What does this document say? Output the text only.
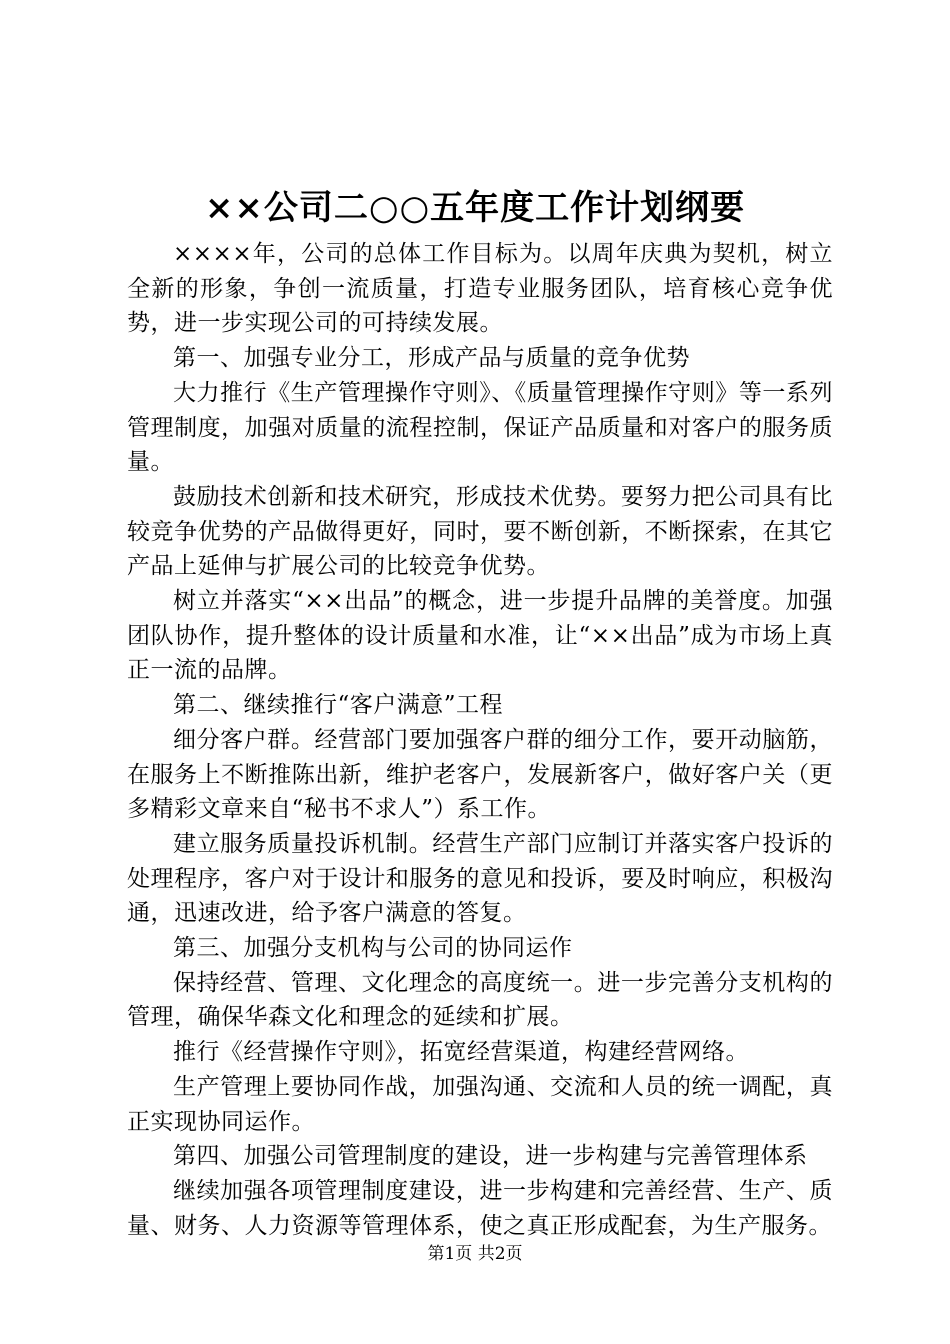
××公司二○○五年度工作计划纲要

××××年，公司的总体工作目标为。以周年庆典为契机，树立全新的形象，争创一流质量，打造专业服务团队，培育核心竞争优势，进一步实现公司的可持续发展。

第一、加强专业分工，形成产品与质量的竞争优势

大力推行《生产管理操作守则》、《质量管理操作守则》等一系列管理制度，加强对质量的流程控制，保证产品质量和对客户的服务质量。

鼓励技术创新和技术研究，形成技术优势。要努力把公司具有比较竞争优势的产品做得更好，同时，要不断创新，不断探索，在其它产品上延伸与扩展公司的比较竞争优势。

树立并落实“××出品”的概念，进一步提升品牌的美誉度。加强团队协作，提升整体的设计质量和水准，让“××出品”成为市场上真正一流的品牌。

第二、继续推行“客户满意”工程

细分客户群。经营部门要加强客户群的细分工作，要开动脑筋，在服务上不断推陈出新，维护老客户，发展新客户，做好客户关（更多精彩文章来自“秘书不求人”）系工作。

建立服务质量投诉机制。经营生产部门应制订并落实客户投诉的处理程序，客户对于设计和服务的意见和投诉，要及时响应，积极沟通，迅速改进，给予客户满意的答复。

第三、加强分支机构与公司的协同运作

保持经营、管理、文化理念的高度统一。进一步完善分支机构的管理，确保华森文化和理念的延续和扩展。

推行《经营操作守则》，拓宽经营渠道，构建经营网络。

生产管理上要协同作战，加强沟通、交流和人员的统一调配，真正实现协同运作。

第四、加强公司管理制度的建设，进一步构建与完善管理体系

继续加强各项管理制度建设，进一步构建和完善经营、生产、质量、财务、人力资源等管理体系，使之真正形成配套，为生产服务。

第1页 共2页
